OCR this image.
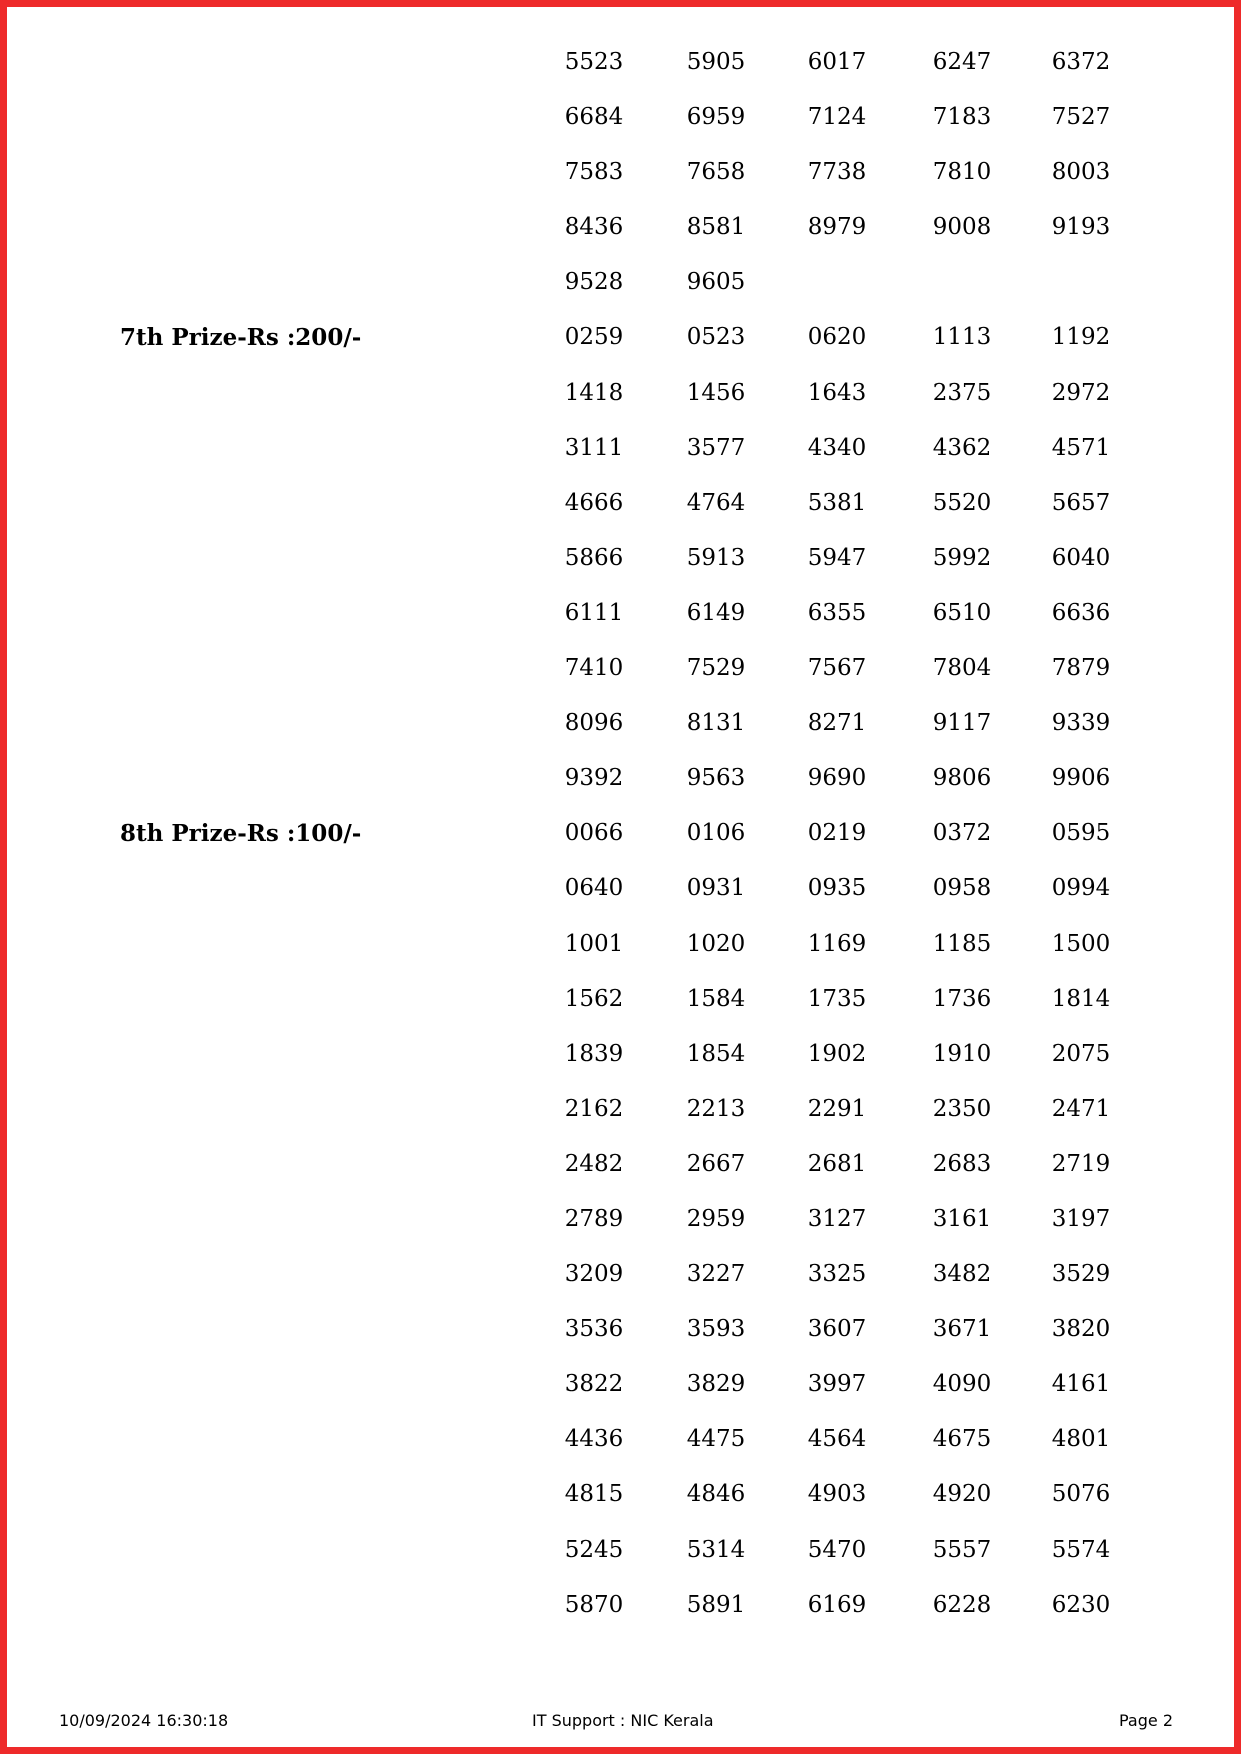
5523	5905	6017	6247	6372
6684	6959	7124	7183	7527
7583	7658	7738	7810	8003
8436	8581	8979	9008	9193
9528	9605
7th Prize-Rs :200/-	0259	0523	0620	1113	1192
1418	1456	1643	2375	2972
3111	3577	4340	4362	4571
4666	4764	5381	5520	5657
5866	5913	5947	5992	6040
6111	6149	6355	6510	6636
7410	7529	7567	7804	7879
8096	8131	8271	9117	9339
9392	9563	9690	9806	9906
8th Prize-Rs :100/-	0066	0106	0219	0372	0595
0640	0931	0935	0958	0994
1001	1020	1169	1185	1500
1562	1584	1735	1736	1814
1839	1854	1902	1910	2075
2162	2213	2291	2350	2471
2482	2667	2681	2683	2719
2789	2959	3127	3161	3197
3209	3227	3325	3482	3529
3536	3593	3607	3671	3820
3822	3829	3997	4090	4161
4436	4475	4564	4675	4801
4815	4846	4903	4920	5076
5245	5314	5470	5557	5574
5870	5891	6169	6228	6230
10/09/2024 16:30:18	IT Support : NIC Kerala	Page 2
